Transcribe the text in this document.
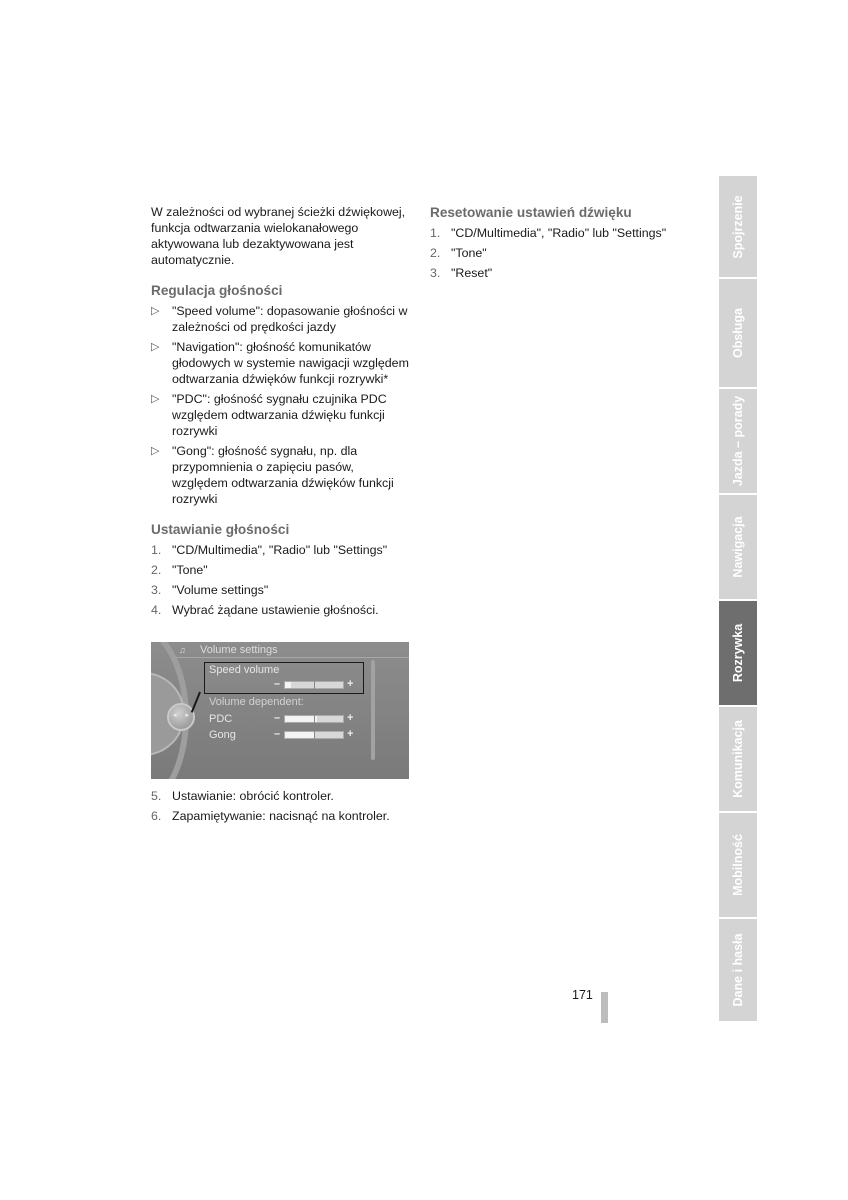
W zależności od wybranej ścieżki dźwiękowej, funkcja odtwarzania wielokanałowego aktywowana lub dezaktywowana jest automatycznie.

Regulacja głośności
▷ "Speed volume": dopasowanie głośności w zależności od prędkości jazdy
▷ "Navigation": głośność komunikatów głodowych w systemie nawigacji względem odtwarzania dźwięków funkcji rozrywki*
▷ "PDC": głośność sygnału czujnika PDC względem odtwarzania dźwięku funkcji rozrywki
▷ "Gong": głośność sygnału, np. dla przypomnienia o zapięciu pasów, względem odtwarzania dźwięków funkcji rozrywki
Ustawianie głośności
1. "CD/Multimedia", "Radio" lub "Settings"
2. "Tone"
3. "Volume settings"
4. Wybrać żądane ustawienie głośności.
◂ ▸
♫	Volume settings
Speed volume
–	+
Volume dependent:
PDC	–	+
Gong	–	+
5. Ustawianie: obrócić kontroler.
6. Zapamiętywanie: nacisnąć na kontroler.
Resetowanie ustawień dźwięku
1. "CD/Multimedia", "Radio" lub "Settings"
2. "Tone"
3. "Reset"
Spojrzenie
Obsługa
Jazda – porady
Nawigacja
Rozrywka
Komunikacja
Mobilność
Dane i hasła
171
